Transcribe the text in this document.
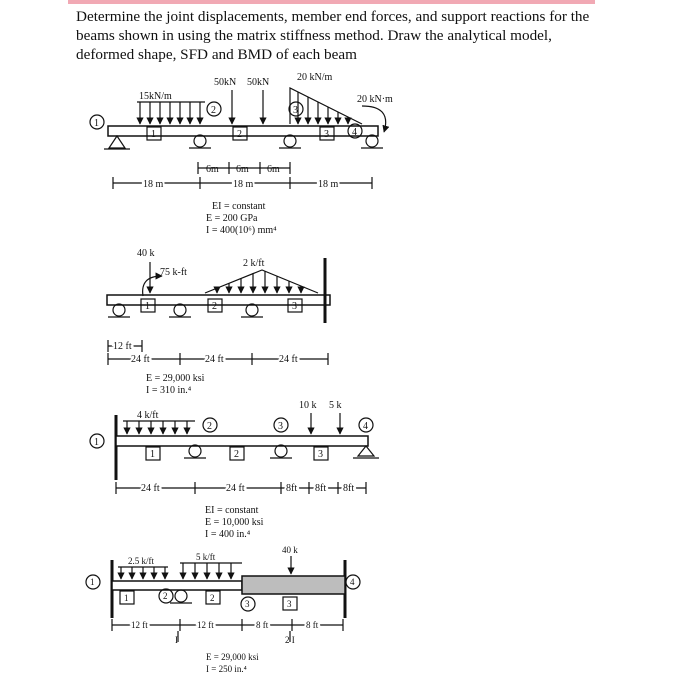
Determine the joint displacements, member end forces, and support reactions for the beams shown in using the matrix stiffness method. Draw the analytical model, deformed shape, SFD and BMD of each beam

15kN/m
50kN 50kN	20 kN/m
20 kN·m
1
2	3
4
1	2	3
6m 6m 6m
18 m	18 m	18 m
EI = constant
E = 200 GPa
I = 400(10⁶) mm⁴
40 k
75 k-ft
2 k/ft
1	2	3
12 ft
24 ft	24 ft	24 ft
E = 29,000 ksi
I = 310 in.⁴
4 k/ft
10 k 5 k
1
2	3	4
1	2	3
24 ft	24 ft	8ft 8ft 8ft
EI = constant
E = 10,000 ksi
I = 400 in.⁴
2.5 k/ft	5 k/ft
40 k
1
2
3
4
1	2
3
12 ft	12 ft	8 ft	8 ft
I	2 I
E = 29,000 ksi
I = 250 in.⁴
